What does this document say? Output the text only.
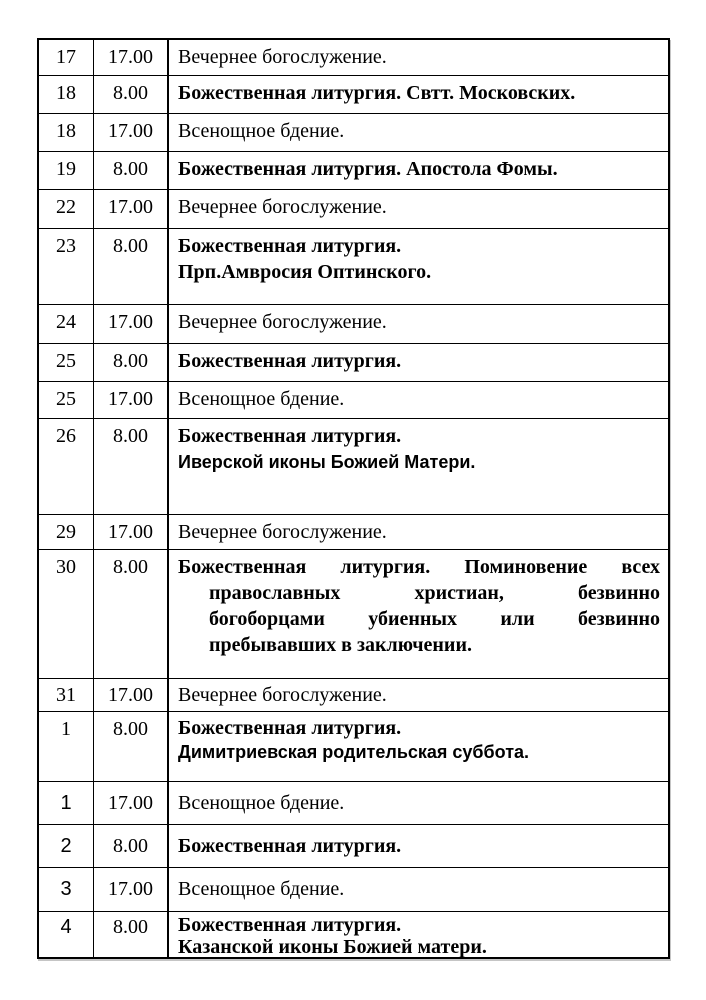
17	17.00	Вечернее богослужение.
18	8.00	Божественная литургия. Свтт. Московских.
18	17.00	Всенощное бдение.
19	8.00	Божественная литургия. Апостола Фомы.
22	17.00	Вечернее богослужение.
23	8.00	Божественная литургия.
Прп.Амвросия Оптинского.
24	17.00	Вечернее богослужение.
25	8.00	Божественная литургия.
25	17.00	Всенощное бдение.
26	8.00	Божественная литургия.
Иверской иконы Божией Матери.
29	17.00	Вечернее богослужение.
30	8.00	Божественная литургия. Поминовение всех
православных христиан, безвинно
богоборцами убиенных или безвинно
пребывавших в заключении.
31	17.00	Вечернее богослужение.
1	8.00	Божественная литургия.
Димитриевская родительская суббота.
1	17.00	Всенощное бдение.
2	8.00	Божественная литургия.
3	17.00	Всенощное бдение.
4	8.00	Божественная литургия.
Казанской иконы Божией матери.
